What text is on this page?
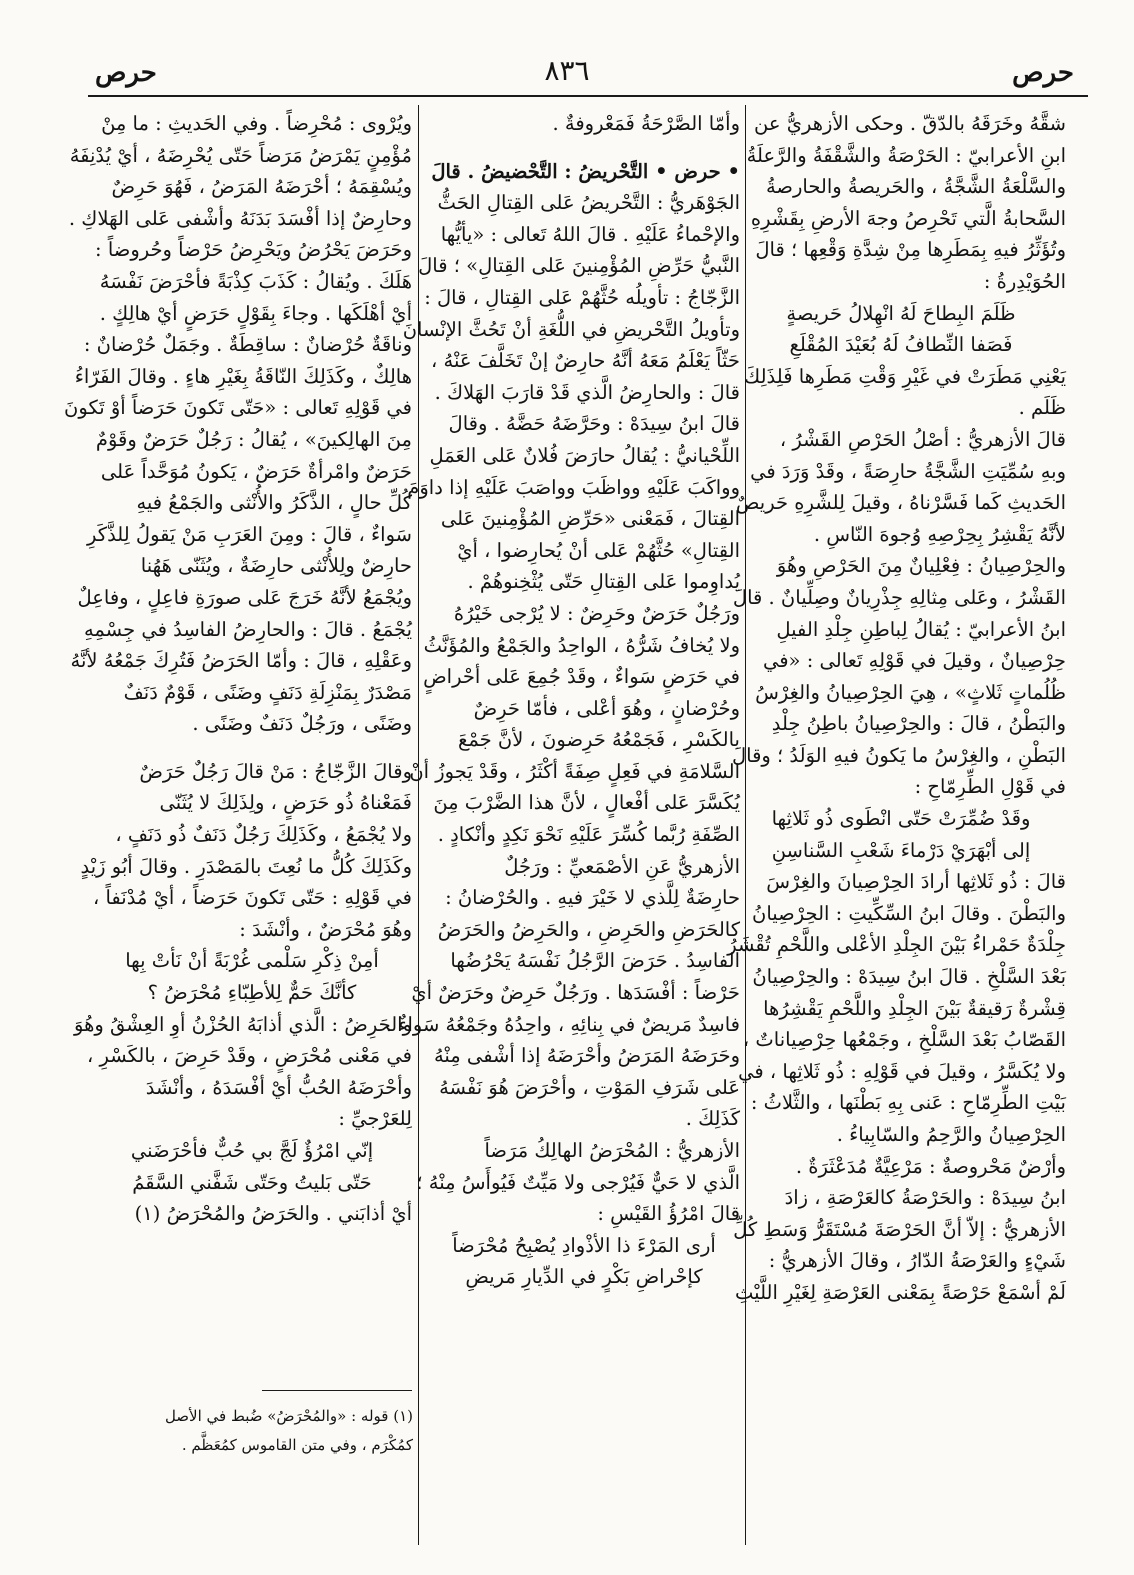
حرص
٨٣٦
حرص
شقَّهُ وخَرَقَهُ بالدّقّ . وحكى الأزهريُّ عن
ابنِ الأعرابيّ : الحَرْصَةُ والشَّقْفَةُ والرَّعلَةُ
والسَّلْعَةُ الشَّجَّةُ ، والحَريصةُ والحارصةُ
السَّحابةُ الَّتي تَحْرِصُ وجهَ الأرضِ بِقَشْرِهِ
وتُؤَثِّرُ فيهِ بِمَطَرِها مِنْ شِدَّةِ وَقْعِها ؛ قالَ
الحُوَيْدِرةُ :
ظَلَمَ البِطاحَ لَهُ انْهِلالُ حَريصةٍ
فَصَفا النِّطافُ لَهُ بُعَيْدَ المُقْلَعِ
يَعْنِي مَطَرَتْ في غَيْرِ وَقْتِ مَطَرِها فَلِذَلِكَ
ظَلَم .
قالَ الأزهريُّ : أصْلُ الحَرْصِ القَشْرُ ،
وبهِ سُمِّيَتِ الشَّجَّةُ حارِصَةً ، وقَدْ وَرَدَ في
الحَديثِ كَما فَسَّرْناهُ ، وقيلَ لِلشَّرِهِ حَريصٌ
لأنَّهُ يَقْشِرُ بِحِرْصِهِ وُجوهَ النّاسِ .
والحِرْصِيانُ : فِعْلِيانٌ مِنَ الحَرْصِ وهُوَ
القَشْرُ ، وعَلى مِثالِهِ جِذْرِيانٌ وصِلِّيانٌ . قالَ
ابنُ الأعرابيّ : يُقالُ لِباطِنِ جِلْدِ الفيلِ
حِرْصِيانٌ ، وقيلَ في قَوْلِهِ تَعالى : «في
ظُلُماتٍ ثَلاثٍ» ، هِيَ الحِرْصِيانُ والغِرْسُ
والبَطْنُ ، قالَ : والحِرْصِيانُ باطِنُ جِلْدِ
البَطْنِ ، والغِرْسُ ما يَكونُ فيهِ الوَلَدُ ؛ وقالَ
في قَوْلِ الطِّرِمّاحِ :
وقَدْ ضُمِّرَتْ حَتّى انْطَوى ذُو ثَلاثِها
إلى أبْهَرَيْ دَرْماءَ شَعْبِ السَّناسِنِ
قالَ : ذُو ثَلاثِها أرادَ الحِرْصِيانَ والغِرْسَ
والبَطْنَ . وقالَ ابنُ السِّكِّيتِ : الحِرْصِيانُ
جِلْدَةٌ حَمْراءُ بَيْنَ الجِلْدِ الأعْلى واللَّحْمِ تُقْشَرُ
بَعْدَ السَّلْخِ . قالَ ابنُ سِيدَهْ : والحِرْصِيانُ
قِشْرةٌ رَقيقةٌ بَيْنَ الجِلْدِ واللَّحْمِ يَقْشِرُها
القَصّابُ بَعْدَ السَّلْخِ ، وجَمْعُها حِرْصِياناتٌ ،
ولا يُكَسَّرُ ، وقيلَ في قَوْلِهِ : ذُو ثَلاثِها ، في
بَيْتِ الطِّرِمّاحِ : عَنى بِهِ بَطْنَها ، والثَّلاثُ :
الحِرْصِيانُ والرَّحِمُ والسّابِياءُ .
وأرْضٌ مَحْروصةٌ : مَرْعِيَّةٌ مُدَعْثَرَةٌ .
ابنُ سِيدَهْ : والحَرْصَةُ كالعَرْصَةِ ، زادَ
الأزهريُّ : إلاّ أنَّ الحَرْصَةَ مُسْتَقَرُّ وَسَطِ كُلِّ
شَيْءٍ والعَرْصَةُ الدّارُ ، وقالَ الأزهريُّ :
لَمْ أسْمَعْ حَرْصَةً بِمَعْنى العَرْصَةِ لِغَيْرِ اللَّيْثِ
وأمّا الصَّرْحَةُ فَمَعْروفةٌ .
• حرض • التَّحْريضُ : التَّحْضيضُ . قالَ
الجَوْهَريُّ : التَّحْريضُ عَلى القِتالِ الحَثُّ
والإحْماءُ عَلَيْهِ . قالَ اللهُ تَعالى : «يأيُّها
النَّبيُّ حَرِّضِ المُؤْمِنينَ عَلى القِتالِ» ؛ قالَ
الزَّجّاجُ : تأويلُه حُثَّهُمْ عَلى القِتالِ ، قالَ :
وتأويلُ التَّحْريضِ في اللُّغَةِ أنْ تَحُثَّ الإنْسانَ
حَثّاً يَعْلَمُ مَعَهُ أنَّهُ حارِضٌ إنْ تَخَلَّفَ عَنْهُ ،
قالَ : والحارِضُ الَّذي قَدْ قارَبَ الهَلاكَ .
قالَ ابنُ سِيدَهْ : وحَرَّضَهُ حَضَّهُ . وقالَ
اللِّحْيانيُّ : يُقالُ حارَضَ فُلانٌ عَلى العَمَلِ
وواكَبَ عَلَيْهِ وواظَبَ وواصَبَ عَلَيْهِ إذا داوَمَ
القِتالَ ، فَمَعْنى «حَرِّضِ المُؤْمِنينَ عَلى
القِتالِ» حُثَّهُمْ عَلى أنْ يُحارِضوا ، أيْ
يُداوِموا عَلى القِتالِ حَتّى يُثْخِنوهُمْ .
ورَجُلٌ حَرَضٌ وحَرِضٌ : لا يُرْجى خَيْرُهُ
ولا يُخافُ شَرُّهُ ، الواحِدُ والجَمْعُ والمُؤَنَّثُ
في حَرَضٍ سَواءٌ ، وقَدْ جُمِعَ عَلى أحْراضٍ
وحُرْضانٍ ، وهُوَ أعْلى ، فأمّا حَرِضٌ
بالكَسْرِ ، فَجَمْعُهُ حَرِضونَ ، لأنَّ جَمْعَ
السَّلامَةِ في فَعِلٍ صِفَةً أكْثَرُ ، وقَدْ يَجوزُ أنْ
يُكَسَّرَ عَلى أفْعالٍ ، لأنَّ هذا الضَّرْبَ مِنَ
الصِّفَةِ رُبَّما كُسِّرَ عَلَيْهِ نَحْوَ نَكِدٍ وأنْكادٍ .
الأزهريُّ عَنِ الأصْمَعيِّ : ورَجُلٌ
حارِضَةٌ لِلَّذي لا خَيْرَ فيهِ . والحُرْضانُ :
كالحَرَضِ والحَرِضِ ، والحَرِضُ والحَرَضُ
الفاسِدُ . حَرَضَ الرَّجُلُ نَفْسَهُ يَحْرُضُها
حَرْضاً : أفْسَدَها . ورَجُلٌ حَرِضٌ وحَرَضٌ أيْ
فاسِدٌ مَريضٌ في بِنائِهِ ، واحِدُهُ وجَمْعُهُ سَواءٌ .
وحَرَضَهُ المَرَضُ وأحْرَضَهُ إذا أشْفى مِنْهُ
عَلى شَرَفِ المَوْتِ ، وأحْرَضَ هُوَ نَفْسَهُ
كَذَلِكَ .
الأزهريُّ : المُحْرَضُ الهالِكُ مَرَضاً
الَّذي لا حَيٌّ فَيُرْجى ولا مَيِّتٌ فَيُوأَسُ مِنْهُ ؛
قالَ امْرُؤُ القَيْسِ :
أرى المَرْءَ ذا الأذْوادِ يُصْبِحُ مُحْرَضاً
كإحْراضِ بَكْرٍ في الدِّيارِ مَريضِ
ويُرْوى : مُحْرِضاً . وفي الحَديثِ : ما مِنْ
مُؤْمِنٍ يَمْرَضُ مَرَضاً حَتّى يُحْرِضَهُ ، أيْ يُدْنِفَهُ
ويُسْقِمَهُ ؛ أحْرَضَهُ المَرَضُ ، فَهُوَ حَرِضٌ
وحارِضٌ إذا أفْسَدَ بَدَنَهُ وأشْفى عَلى الهَلاكِ .
وحَرَضَ يَحْرُضُ ويَحْرِضُ حَرْضاً وحُروضاً :
هَلَكَ . ويُقالُ : كَذَبَ كِذْبَةً فأحْرَضَ نَفْسَهُ
أيْ أهْلَكَها . وجاءَ بِقَوْلٍ حَرَضٍ أيْ هالِكٍ .
وناقَةٌ حُرْضانٌ : ساقِطَةٌ . وجَمَلٌ حُرْضانٌ :
هالِكٌ ، وكَذَلِكَ النّاقَةُ بِغَيْرِ هاءٍ . وقالَ الفَرّاءُ
في قَوْلِهِ تَعالى : «حَتّى تَكونَ حَرَضاً أوْ تَكونَ
مِنَ الهالِكينَ» ، يُقالُ : رَجُلٌ حَرَضٌ وقَوْمٌ
حَرَضٌ وامْرأةٌ حَرَضٌ ، يَكونُ مُوَحَّداً عَلى
كُلِّ حالٍ ، الذَّكَرُ والأُنْثى والجَمْعُ فيهِ
سَواءٌ ، قالَ : ومِنَ العَرَبِ مَنْ يَقولُ لِلذَّكَرِ
حارِضٌ ولِلأُنْثى حارِضَةٌ ، ويُثَنّى هَهُنا
ويُجْمَعُ لأنَّهُ خَرَجَ عَلى صورَةِ فاعِلٍ ، وفاعِلٌ
يُجْمَعُ . قالَ : والحارِضُ الفاسِدُ في جِسْمِهِ
وعَقْلِهِ ، قالَ : وأمّا الحَرَضُ فَتُرِكَ جَمْعُهُ لأنَّهُ
مَصْدَرٌ بِمَنْزِلَةِ دَنَفٍ وضَنًى ، قَوْمٌ دَنَفٌ
وضَنًى ، ورَجُلٌ دَنَفٌ وضَنًى .
وقالَ الزَّجّاجُ : مَنْ قالَ رَجُلٌ حَرَضٌ
فَمَعْناهُ ذُو حَرَضٍ ، ولِذَلِكَ لا يُثَنّى
ولا يُجْمَعُ ، وكَذَلِكَ رَجُلٌ دَنَفٌ ذُو دَنَفٍ ،
وكَذَلِكَ كُلُّ ما نُعِتَ بالمَصْدَرِ . وقالَ أبُو زَيْدٍ
في قَوْلِهِ : حَتّى تَكونَ حَرَضاً ، أيْ مُدْنَفاً ،
وهُوَ مُحْرَضٌ ، وأنْشَدَ :
أمِنْ ذِكْرِ سَلْمى غُرْبَةً أنْ نَأتْ بِها
كأنَّكَ حَمٌّ لِلأطِبّاءِ مُحْرَضُ ؟
والحَرِضُ : الَّذي أذابَهُ الحُزْنُ أوِ العِشْقُ وهُوَ
في مَعْنى مُحْرَضٍ ، وقَدْ حَرِضَ ، بالكَسْرِ ،
وأحْرَضَهُ الحُبُّ أيْ أفْسَدَهُ ، وأنْشَدَ
لِلعَرْجيِّ :
إنّي امْرُؤٌ لَجَّ بي حُبٌّ فأحْرَضَني
حَتّى بَليتُ وحَتّى شَفَّني السَّقَمُ
أيْ أذابَني . والحَرَضُ والمُحْرَضُ (١)
(١) قوله : «والمُحْرَضُ» ضُبط في الأصل
كمُكْرَم ، وفي متن القاموس كمُعَظَّم .
